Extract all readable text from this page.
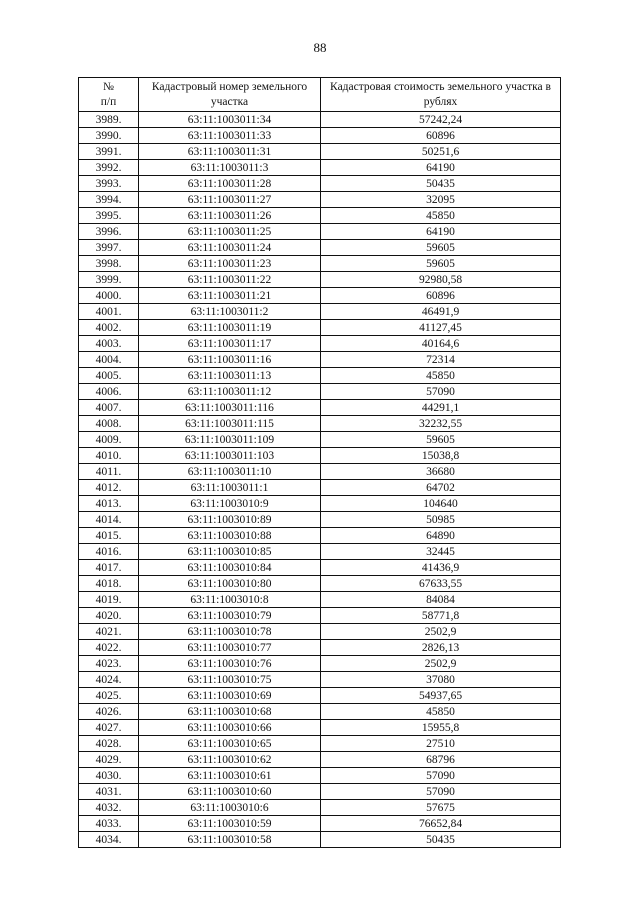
88
№
п/п	Кадастровый номер земельного участка	Кадастровая стоимость земельного участка в рублях
3989.	63:11:1003011:34	57242,24
3990.	63:11:1003011:33	60896
3991.	63:11:1003011:31	50251,6
3992.	63:11:1003011:3	64190
3993.	63:11:1003011:28	50435
3994.	63:11:1003011:27	32095
3995.	63:11:1003011:26	45850
3996.	63:11:1003011:25	64190
3997.	63:11:1003011:24	59605
3998.	63:11:1003011:23	59605
3999.	63:11:1003011:22	92980,58
4000.	63:11:1003011:21	60896
4001.	63:11:1003011:2	46491,9
4002.	63:11:1003011:19	41127,45
4003.	63:11:1003011:17	40164,6
4004.	63:11:1003011:16	72314
4005.	63:11:1003011:13	45850
4006.	63:11:1003011:12	57090
4007.	63:11:1003011:116	44291,1
4008.	63:11:1003011:115	32232,55
4009.	63:11:1003011:109	59605
4010.	63:11:1003011:103	15038,8
4011.	63:11:1003011:10	36680
4012.	63:11:1003011:1	64702
4013.	63:11:1003010:9	104640
4014.	63:11:1003010:89	50985
4015.	63:11:1003010:88	64890
4016.	63:11:1003010:85	32445
4017.	63:11:1003010:84	41436,9
4018.	63:11:1003010:80	67633,55
4019.	63:11:1003010:8	84084
4020.	63:11:1003010:79	58771,8
4021.	63:11:1003010:78	2502,9
4022.	63:11:1003010:77	2826,13
4023.	63:11:1003010:76	2502,9
4024.	63:11:1003010:75	37080
4025.	63:11:1003010:69	54937,65
4026.	63:11:1003010:68	45850
4027.	63:11:1003010:66	15955,8
4028.	63:11:1003010:65	27510
4029.	63:11:1003010:62	68796
4030.	63:11:1003010:61	57090
4031.	63:11:1003010:60	57090
4032.	63:11:1003010:6	57675
4033.	63:11:1003010:59	76652,84
4034.	63:11:1003010:58	50435
